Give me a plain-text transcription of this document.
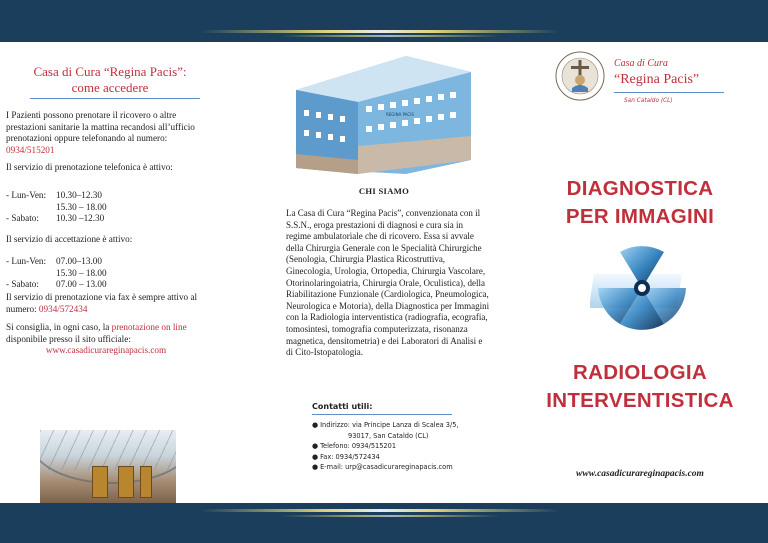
Casa di Cura “Regina Pacis”: come accedere
I Pazienti possono prenotare il ricovero o altre prestazioni sanitarie la mattina recandosi all’ufficio prenotazioni oppure telefonando al numero: 0934/515201
Il servizio di prenotazione telefonica è attivo:
- Lun-Ven: 10.30–12.30
15.30 – 18.00
- Sabato: 10.30 –12.30
Il servizio di accettazione è attivo:
- Lun-Ven: 07.00–13.00
15.30 – 18.00
- Sabato: 07.00 – 13.00
Il servizio di prenotazione via fax è sempre attivo al numero: 0934/572434
Si consiglia, in ogni caso, la prenotazione on line disponibile presso il sito ufficiale:

www.casadicurareginapacis.com
REGINA PACIS
CHI SIAMO
La Casa di Cura “Regina Pacis”, convenzionata con il S.S.N., eroga prestazioni di diagnosi e cura sia in regime ambulatoriale che di ricovero. Essa si avvale della Chirurgia Generale con le Specialità Chirurgiche (Senologia, Chirurgia Plastica Ricostruttiva, Ginecologia, Urologia, Ortopedia, Chirurgia Vascolare, Otorinolaringoiatria, Chirurgia Orale, Oculistica), della Riabilitazione Funzionale (Cardiologica, Pneumologica, Neurologica e Motoria), della Diagnostica per Immagini con la Radiologia interventistica (radiografia, ecografia, tomosintesi, tomografia computerizzata, risonanza magnetica, densitometria) e dei Laboratori di Analisi e di Cito-Istopatologia.
Contatti utili:
● Indirizzo: via Principe Lanza di Scalea 3/5,
93017, San Cataldo (CL)
● Telefono: 0934/515201
● Fax: 0934/572434
● E-mail: urp@casadicurareginapacis.com
Casa di Cura
“Regina Pacis”
San Cataldo (CL)
DIAGNOSTICA
PER IMMAGINI
RADIOLOGIA
INTERVENTISTICA
www.casadicurareginapacis.com
